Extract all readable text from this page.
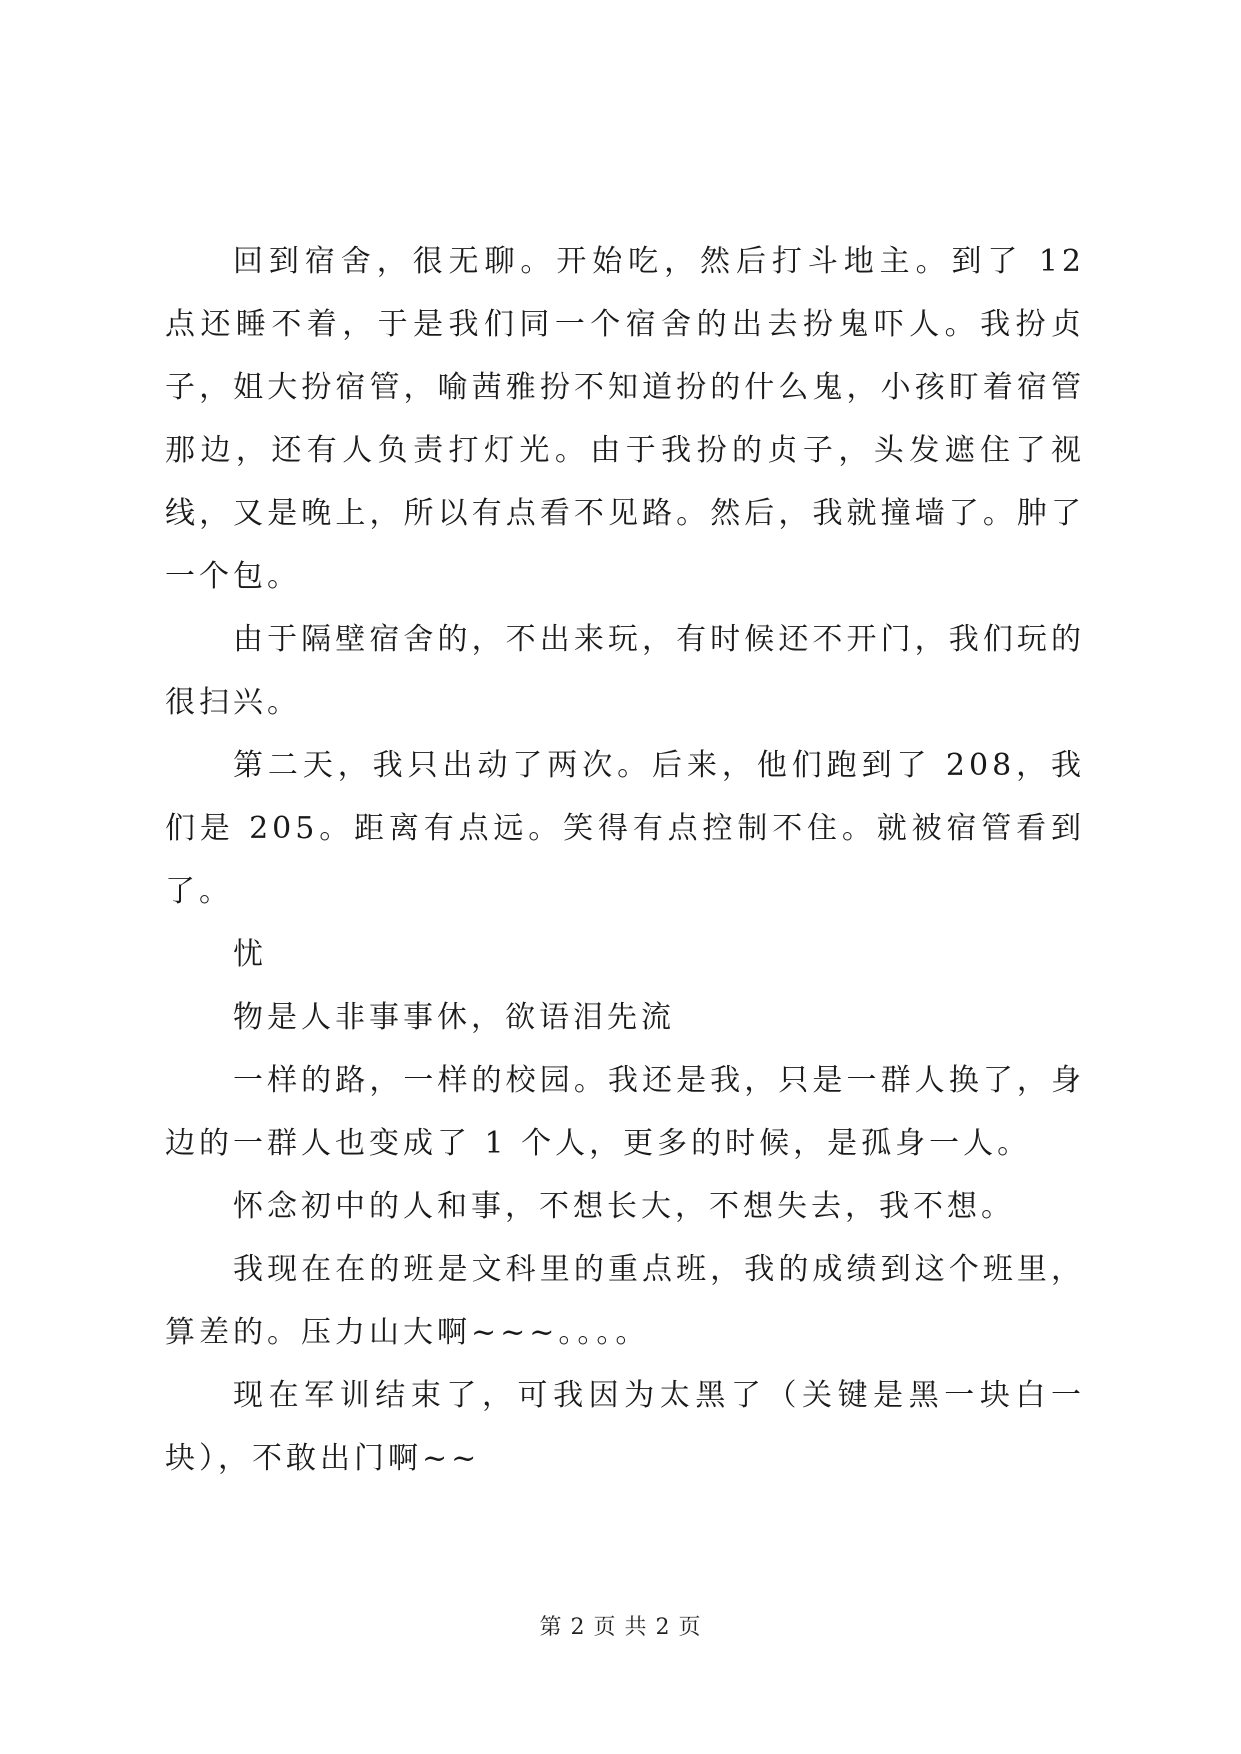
回到宿舍，很无聊。开始吃，然后打斗地主。到了 12 点还睡不着，于是我们同一个宿舍的出去扮鬼吓人。我扮贞子，姐大扮宿管，喻茜雅扮不知道扮的什么鬼，小孩盯着宿管那边，还有人负责打灯光。由于我扮的贞子，头发遮住了视线，又是晚上，所以有点看不见路。然后，我就撞墙了。肿了一个包。

由于隔壁宿舍的，不出来玩，有时候还不开门，我们玩的很扫兴。

第二天，我只出动了两次。后来，他们跑到了 208，我们是 205。距离有点远。笑得有点控制不住。就被宿管看到了。

忧

物是人非事事休，欲语泪先流

一样的路，一样的校园。我还是我，只是一群人换了，身边的一群人也变成了 1 个人，更多的时候，是孤身一人。

怀念初中的人和事，不想长大，不想失去，我不想。

我现在在的班是文科里的重点班，我的成绩到这个班里，算差的。压力山大啊~~~。。。。

现在军训结束了，可我因为太黑了（关键是黑一块白一块），不敢出门啊~~

第 2 页 共 2 页
